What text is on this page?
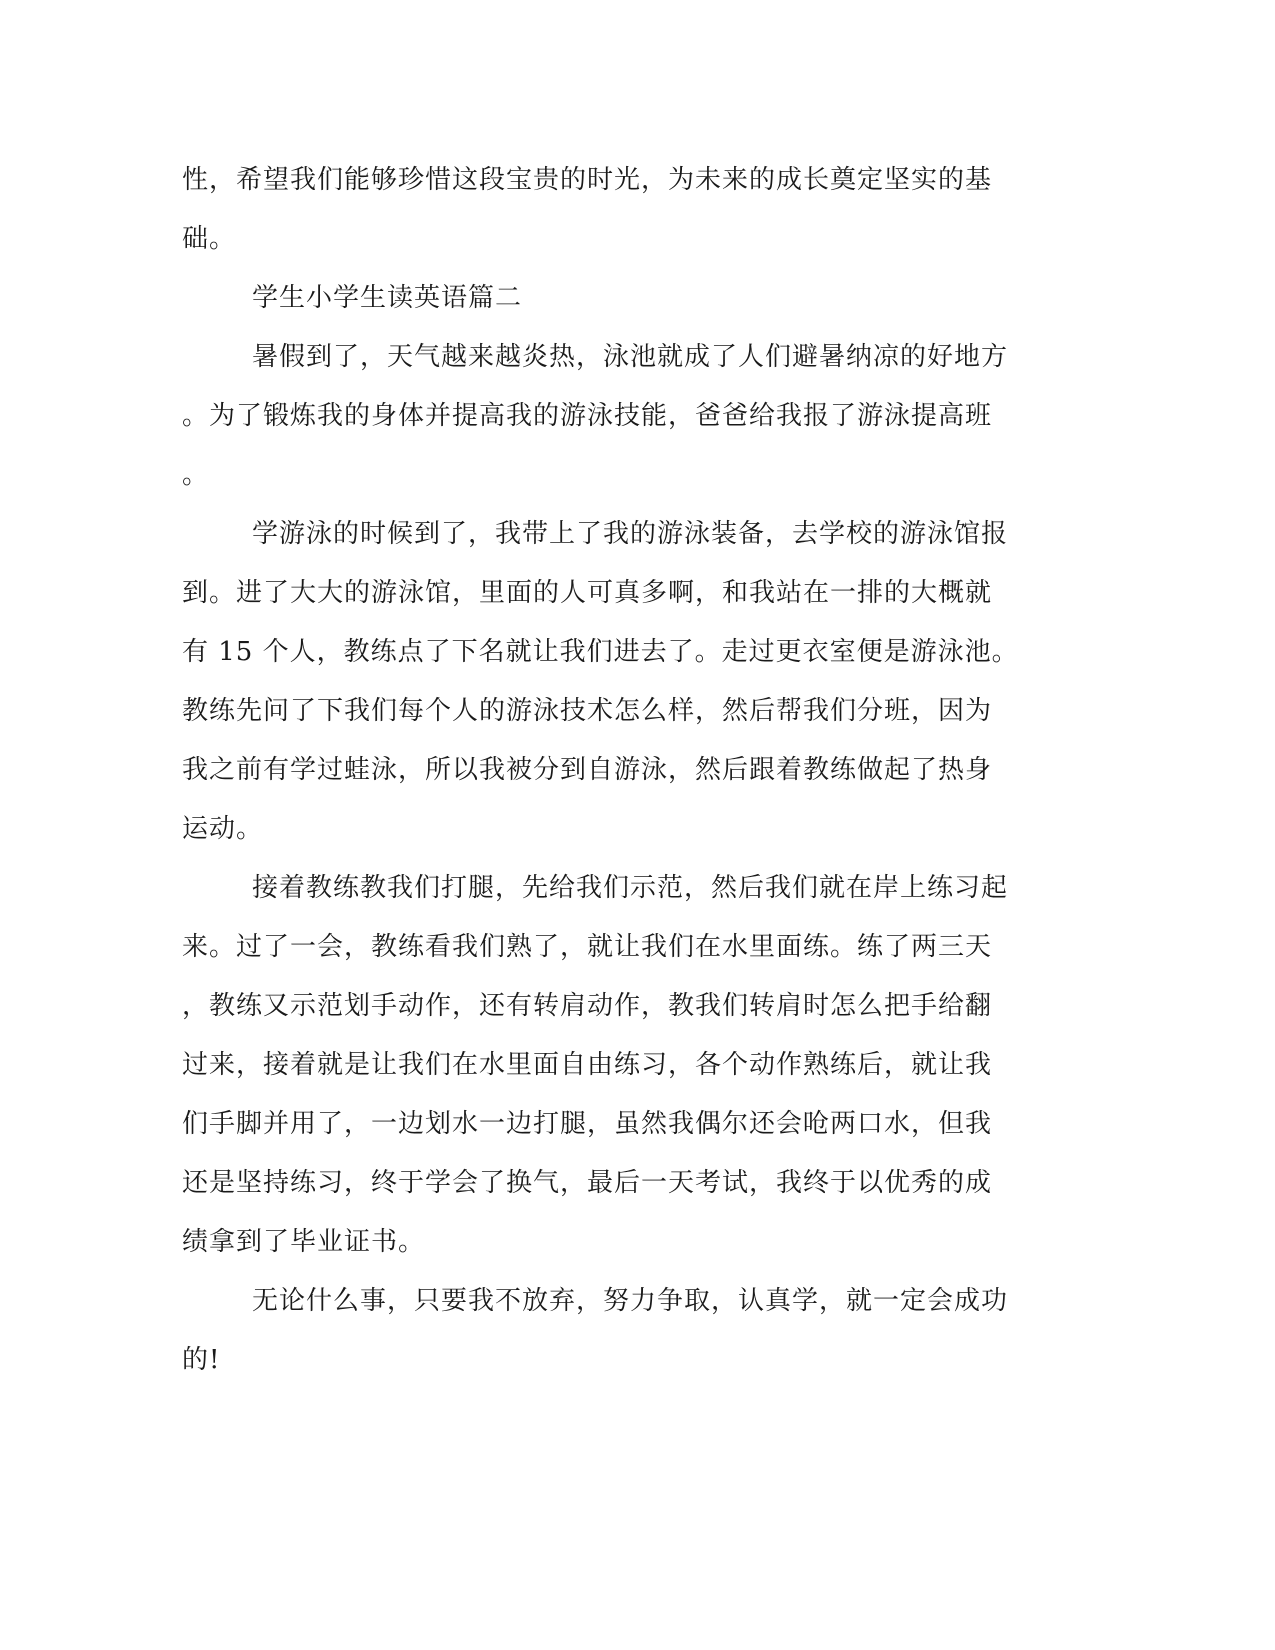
性，希望我们能够珍惜这段宝贵的时光，为未来的成长奠定坚实的基
础。
学生小学生读英语篇二
暑假到了，天气越来越炎热，泳池就成了人们避暑纳凉的好地方
。为了锻炼我的身体并提高我的游泳技能，爸爸给我报了游泳提高班
。
学游泳的时候到了，我带上了我的游泳装备，去学校的游泳馆报
到。进了大大的游泳馆，里面的人可真多啊，和我站在一排的大概就
有 15 个人，教练点了下名就让我们进去了。走过更衣室便是游泳池。
教练先问了下我们每个人的游泳技术怎么样，然后帮我们分班，因为
我之前有学过蛙泳，所以我被分到自游泳，然后跟着教练做起了热身
运动。
接着教练教我们打腿，先给我们示范，然后我们就在岸上练习起
来。过了一会，教练看我们熟了，就让我们在水里面练。练了两三天
，教练又示范划手动作，还有转肩动作，教我们转肩时怎么把手给翻
过来，接着就是让我们在水里面自由练习，各个动作熟练后，就让我
们手脚并用了，一边划水一边打腿，虽然我偶尔还会呛两口水，但我
还是坚持练习，终于学会了换气，最后一天考试，我终于以优秀的成
绩拿到了毕业证书。
无论什么事，只要我不放弃，努力争取，认真学，就一定会成功
的!
